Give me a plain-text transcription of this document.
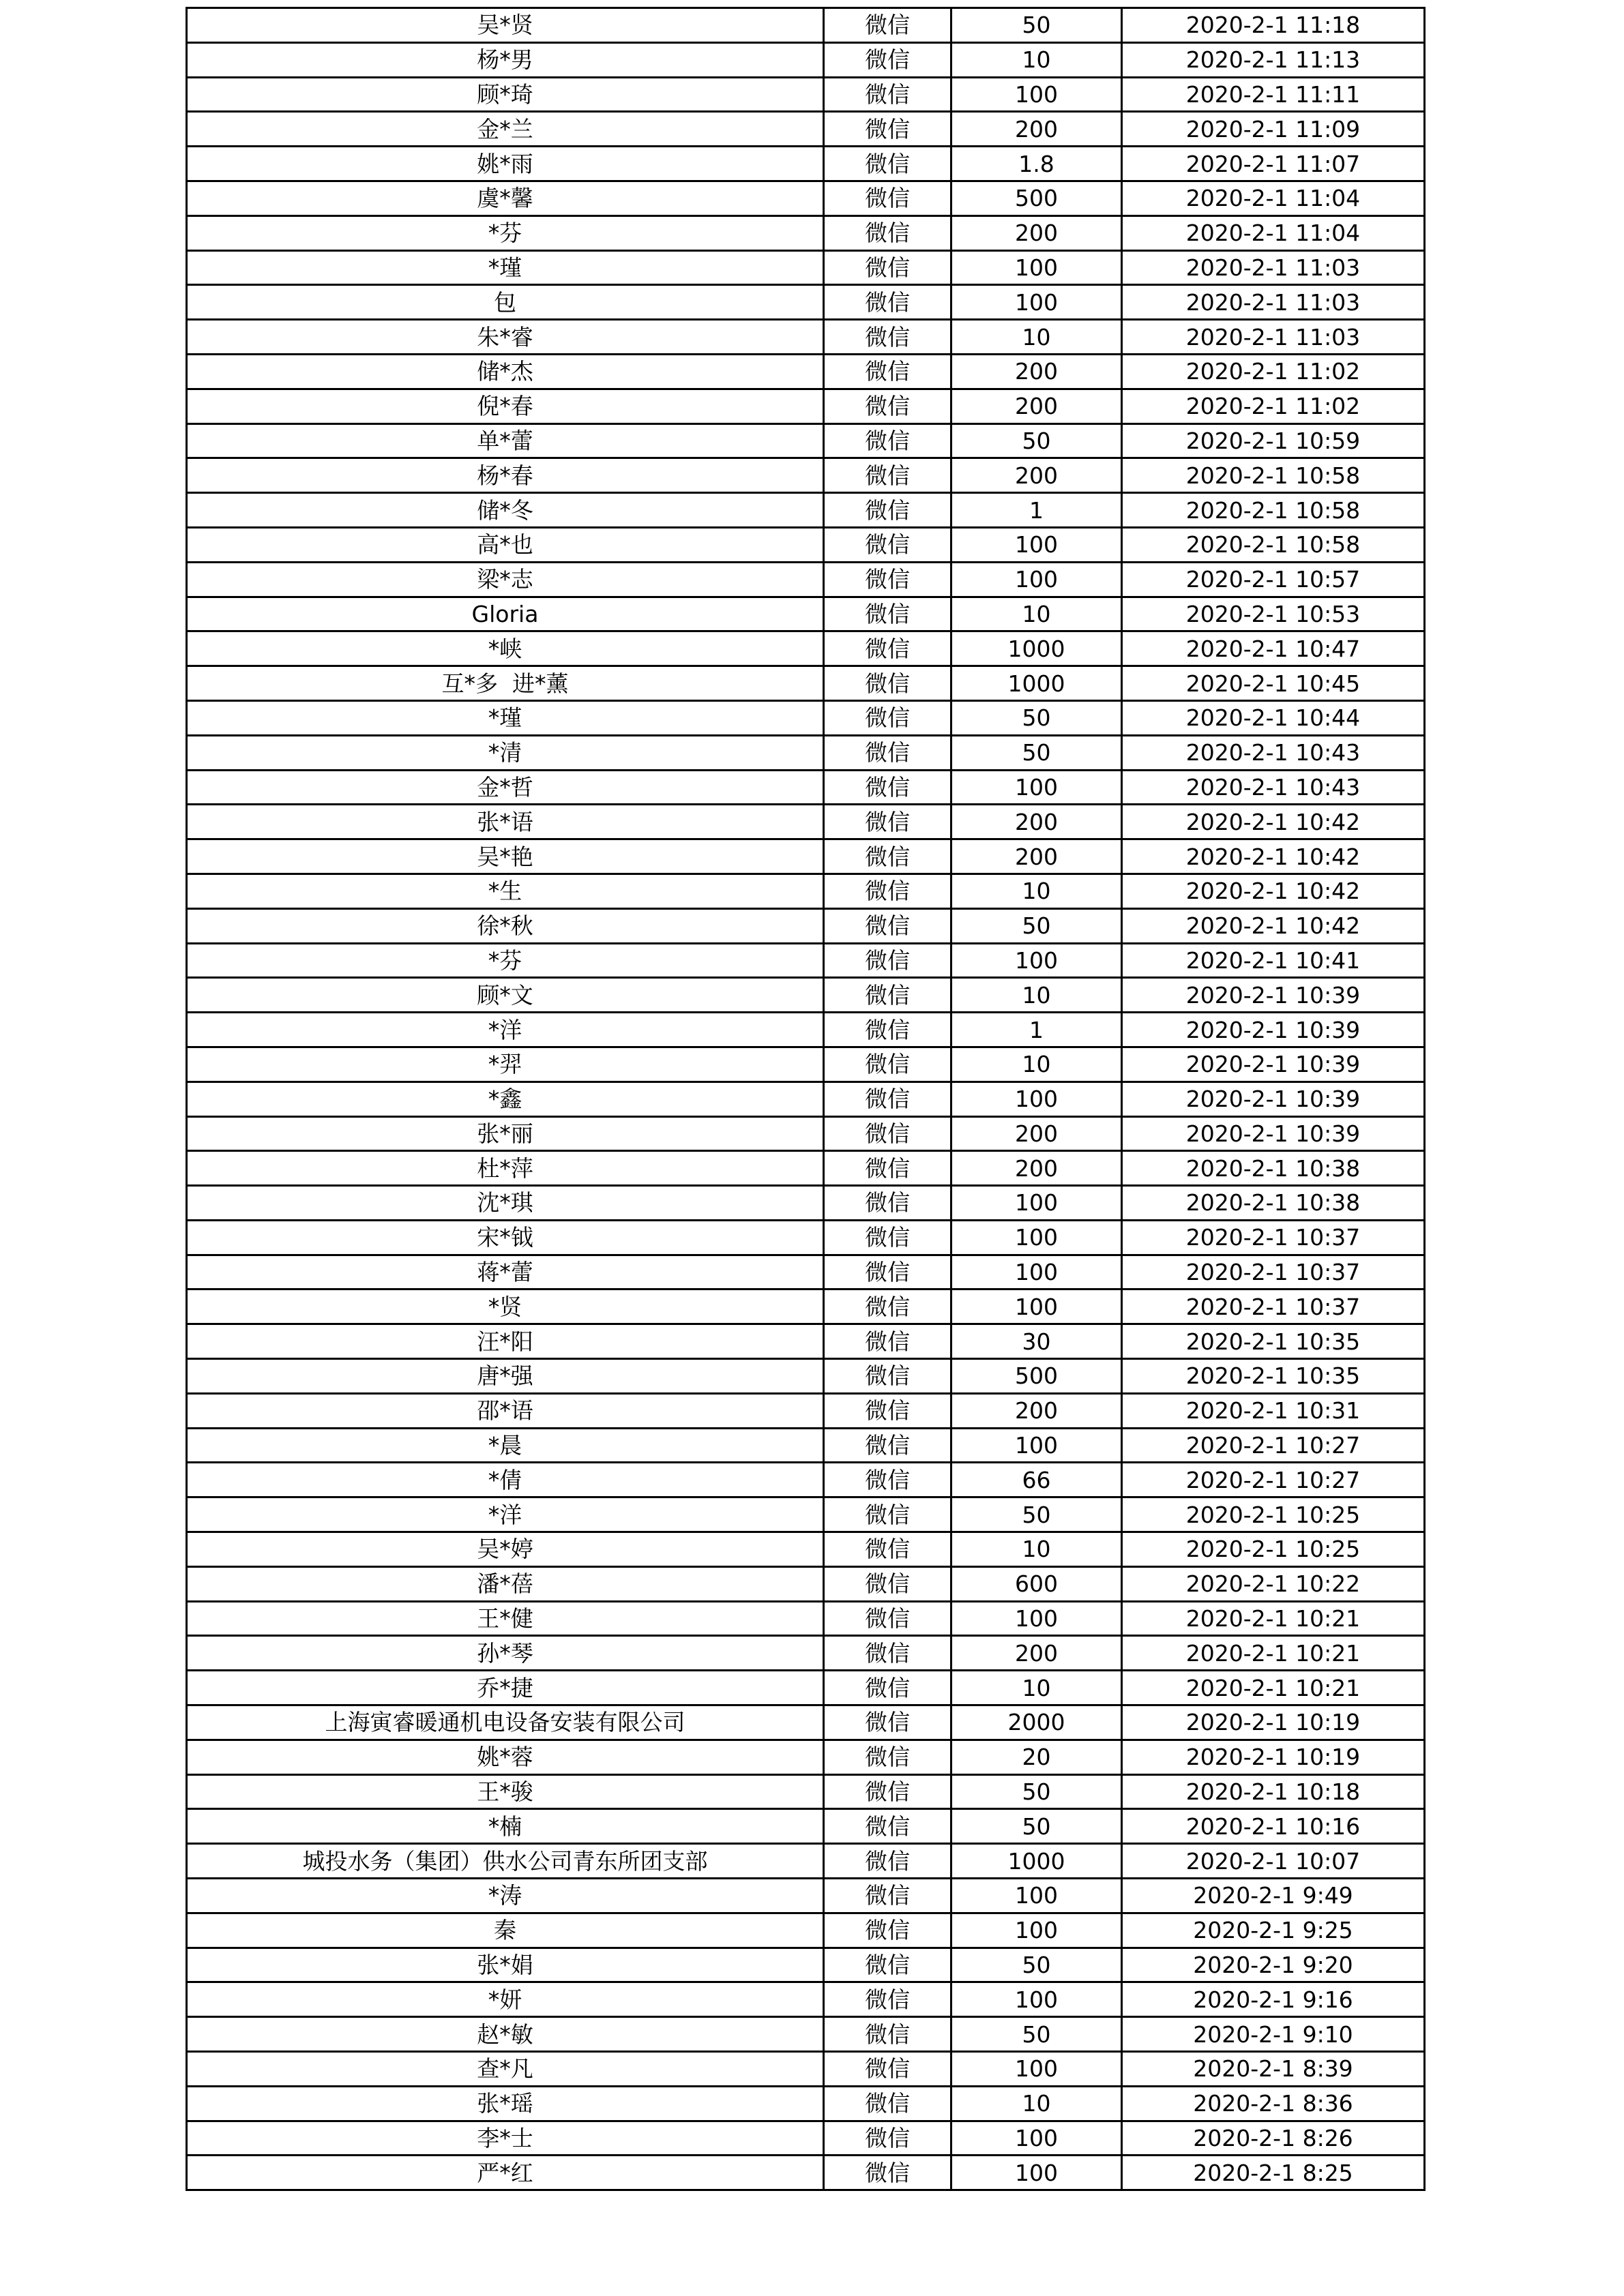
吴*贤	微信	50	2020-2-1 11:18
杨*男	微信	10	2020-2-1 11:13
顾*琦	微信	100	2020-2-1 11:11
金*兰	微信	200	2020-2-1 11:09
姚*雨	微信	1.8	2020-2-1 11:07
虞*馨	微信	500	2020-2-1 11:04
*芬	微信	200	2020-2-1 11:04
*瑾	微信	100	2020-2-1 11:03
包	微信	100	2020-2-1 11:03
朱*睿	微信	10	2020-2-1 11:03
储*杰	微信	200	2020-2-1 11:02
倪*春	微信	200	2020-2-1 11:02
单*蕾	微信	50	2020-2-1 10:59
杨*春	微信	200	2020-2-1 10:58
储*冬	微信	1	2020-2-1 10:58
高*也	微信	100	2020-2-1 10:58
梁*志	微信	100	2020-2-1 10:57
Gloria	微信	10	2020-2-1 10:53
*峡	微信	1000	2020-2-1 10:47
互*多  进*薰	微信	1000	2020-2-1 10:45
*瑾	微信	50	2020-2-1 10:44
*清	微信	50	2020-2-1 10:43
金*哲	微信	100	2020-2-1 10:43
张*语	微信	200	2020-2-1 10:42
吴*艳	微信	200	2020-2-1 10:42
*生	微信	10	2020-2-1 10:42
徐*秋	微信	50	2020-2-1 10:42
*芬	微信	100	2020-2-1 10:41
顾*文	微信	10	2020-2-1 10:39
*洋	微信	1	2020-2-1 10:39
*羿	微信	10	2020-2-1 10:39
*鑫	微信	100	2020-2-1 10:39
张*丽	微信	200	2020-2-1 10:39
杜*萍	微信	200	2020-2-1 10:38
沈*琪	微信	100	2020-2-1 10:38
宋*钺	微信	100	2020-2-1 10:37
蒋*蕾	微信	100	2020-2-1 10:37
*贤	微信	100	2020-2-1 10:37
汪*阳	微信	30	2020-2-1 10:35
唐*强	微信	500	2020-2-1 10:35
邵*语	微信	200	2020-2-1 10:31
*晨	微信	100	2020-2-1 10:27
*倩	微信	66	2020-2-1 10:27
*洋	微信	50	2020-2-1 10:25
吴*婷	微信	10	2020-2-1 10:25
潘*蓓	微信	600	2020-2-1 10:22
王*健	微信	100	2020-2-1 10:21
孙*琴	微信	200	2020-2-1 10:21
乔*捷	微信	10	2020-2-1 10:21
上海寅睿暖通机电设备安装有限公司	微信	2000	2020-2-1 10:19
姚*蓉	微信	20	2020-2-1 10:19
王*骏	微信	50	2020-2-1 10:18
*楠	微信	50	2020-2-1 10:16
城投水务（集团）供水公司青东所团支部	微信	1000	2020-2-1 10:07
*涛	微信	100	2020-2-1 9:49
秦	微信	100	2020-2-1 9:25
张*娟	微信	50	2020-2-1 9:20
*妍	微信	100	2020-2-1 9:16
赵*敏	微信	50	2020-2-1 9:10
查*凡	微信	100	2020-2-1 8:39
张*瑶	微信	10	2020-2-1 8:36
李*士	微信	100	2020-2-1 8:26
严*红	微信	100	2020-2-1 8:25
